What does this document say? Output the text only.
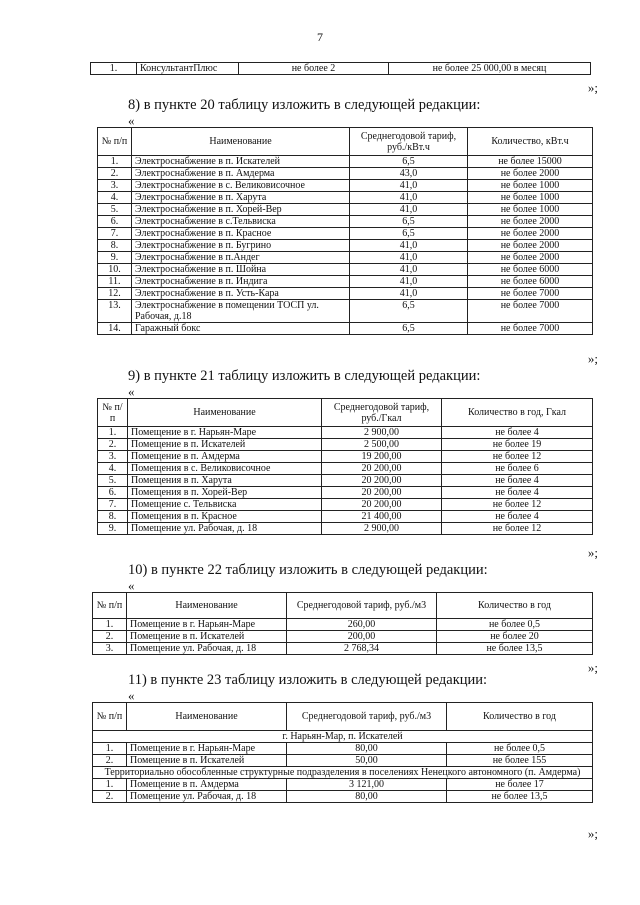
7
1.	КонсультантПлюс	не более 2	не более 25 000,00 в месяц
»;
8) в пункте 20 таблицу изложить в следующей редакции:
«
№ п/п	Наименование	Среднегодовой тариф, руб./кВт.ч	Количество, кВт.ч
1.	Электроснабжение в п. Искателей	6,5	не более 15000
2.	Электроснабжение в п. Амдерма	43,0	не более 2000
3.	Электроснабжение в с. Великовисочное	41,0	не более 1000
4.	Электроснабжение в п. Харута	41,0	не более 1000
5.	Электроснабжение в п. Хорей-Вер	41,0	не более 1000
6.	Электроснабжение в с.Тельвиска	6,5	не более 2000
7.	Электроснабжение в п. Красное	6,5	не более 2000
8.	Электроснабжение в п. Бугрино	41,0	не более 2000
9.	Электроснабжение в п.Андег	41,0	не более 2000
10.	Электроснабжение в п. Шойна	41,0	не более 6000
11.	Электроснабжение в п. Индига	41,0	не более 6000
12.	Электроснабжение в п. Усть-Кара	41,0	не более 7000
13.	Электроснабжение в помещении ТОСП ул. Рабочая, д.18	6,5	не более 7000
14.	Гаражный бокс	6,5	не более 7000
»;
9) в пункте 21 таблицу изложить в следующей редакции:
«
№ п/п	Наименование	Среднегодовой тариф, руб./Гкал	Количество в год, Гкал
1.	Помещение в г. Нарьян-Маре	2 900,00	не более 4
2.	Помещение в п. Искателей	2 500,00	не более 19
3.	Помещение в п. Амдерма	19 200,00	не более 12
4.	Помещения в с. Великовисочное	20 200,00	не более 6
5.	Помещения в п. Харута	20 200,00	не более 4
6.	Помещения в п. Хорей-Вер	20 200,00	не более 4
7.	Помещение с. Тельвиска	20 200,00	не более 12
8.	Помещения в п. Красное	21 400,00	не более 4
9.	Помещение ул. Рабочая, д. 18	2 900,00	не более 12
»;
10) в пункте 22 таблицу изложить в следующей редакции:
«
№ п/п	Наименование	Среднегодовой тариф, руб./м3	Количество в год
1.	Помещение в г. Нарьян-Маре	260,00	не более 0,5
2.	Помещение в п. Искателей	200,00	не более 20
3.	Помещение ул. Рабочая, д. 18	2 768,34	не более 13,5
»;
11) в пункте 23 таблицу изложить в следующей редакции:
«
№ п/п	Наименование	Среднегодовой тариф, руб./м3	Количество в год
г. Нарьян-Мар, п. Искателей			
1.	Помещение в г. Нарьян-Маре	80,00	не более 0,5
2.	Помещение в п. Искателей	50,00	не более 155
Территориально обособленные структурные подразделения в поселениях Ненецкого автономного (п. Амдерма)			
1.	Помещение в п. Амдерма	3 121,00	не более 17
2.	Помещение ул. Рабочая, д. 18	80,00	не более 13,5
»;
